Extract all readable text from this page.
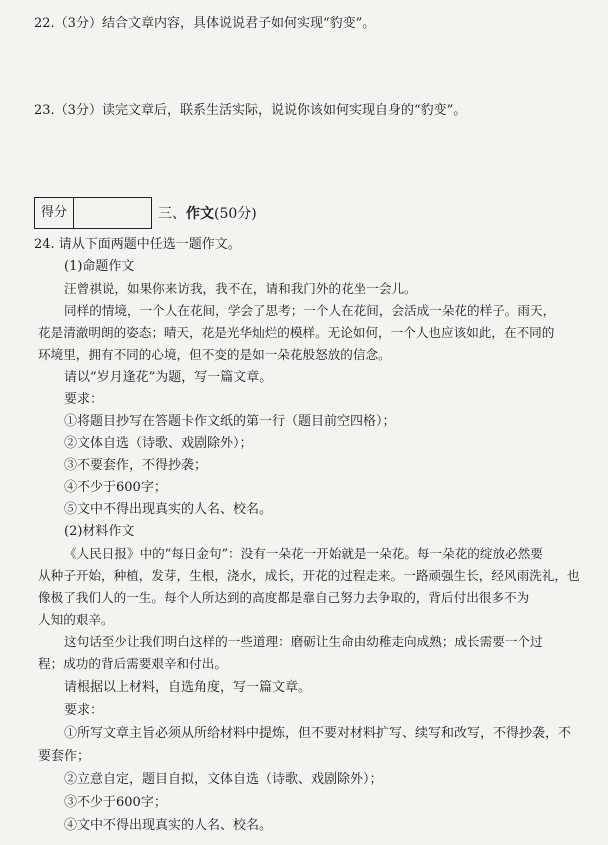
22.（3分）结合文章内容，具体说说君子如何实现“豹变”。
23.（3分）读完文章后，联系生活实际，说说你该如何实现自身的“豹变”。
得分	三、作文(50分)
24. 请从下面两题中任选一题作文。
(1)命题作文
汪曾祺说，如果你来访我，我不在，请和我门外的花坐一会儿。
同样的情境，一个人在花间，学会了思考；一个人在花间，会活成一朵花的样子。雨天，
花是清澈明朗的姿态；晴天，花是光华灿烂的模样。无论如何，一个人也应该如此，在不同的
环境里，拥有不同的心境，但不变的是如一朵花般怒放的信念。
请以“岁月逢花”为题，写一篇文章。
要求：
①将题目抄写在答题卡作文纸的第一行（题目前空四格）；
②文体自选（诗歌、戏剧除外）；
③不要套作，不得抄袭；
④不少于600字；
⑤文中不得出现真实的人名、校名。
(2)材料作文
《人民日报》中的“每日金句”：没有一朵花一开始就是一朵花。每一朵花的绽放必然要
从种子开始，种植，发芽，生根，浇水，成长，开花的过程走来。一路顽强生长，经风雨洗礼，也
像极了我们人的一生。每个人所达到的高度都是靠自己努力去争取的，背后付出很多不为
人知的艰辛。
这句话至少让我们明白这样的一些道理：磨砺让生命由幼稚走向成熟；成长需要一个过
程；成功的背后需要艰辛和付出。
请根据以上材料，自选角度，写一篇文章。
要求：
①所写文章主旨必须从所给材料中提炼，但不要对材料扩写、续写和改写，不得抄袭，不
要套作；
②立意自定，题目自拟，文体自选（诗歌、戏剧除外）；
③不少于600字；
④文中不得出现真实的人名、校名。
